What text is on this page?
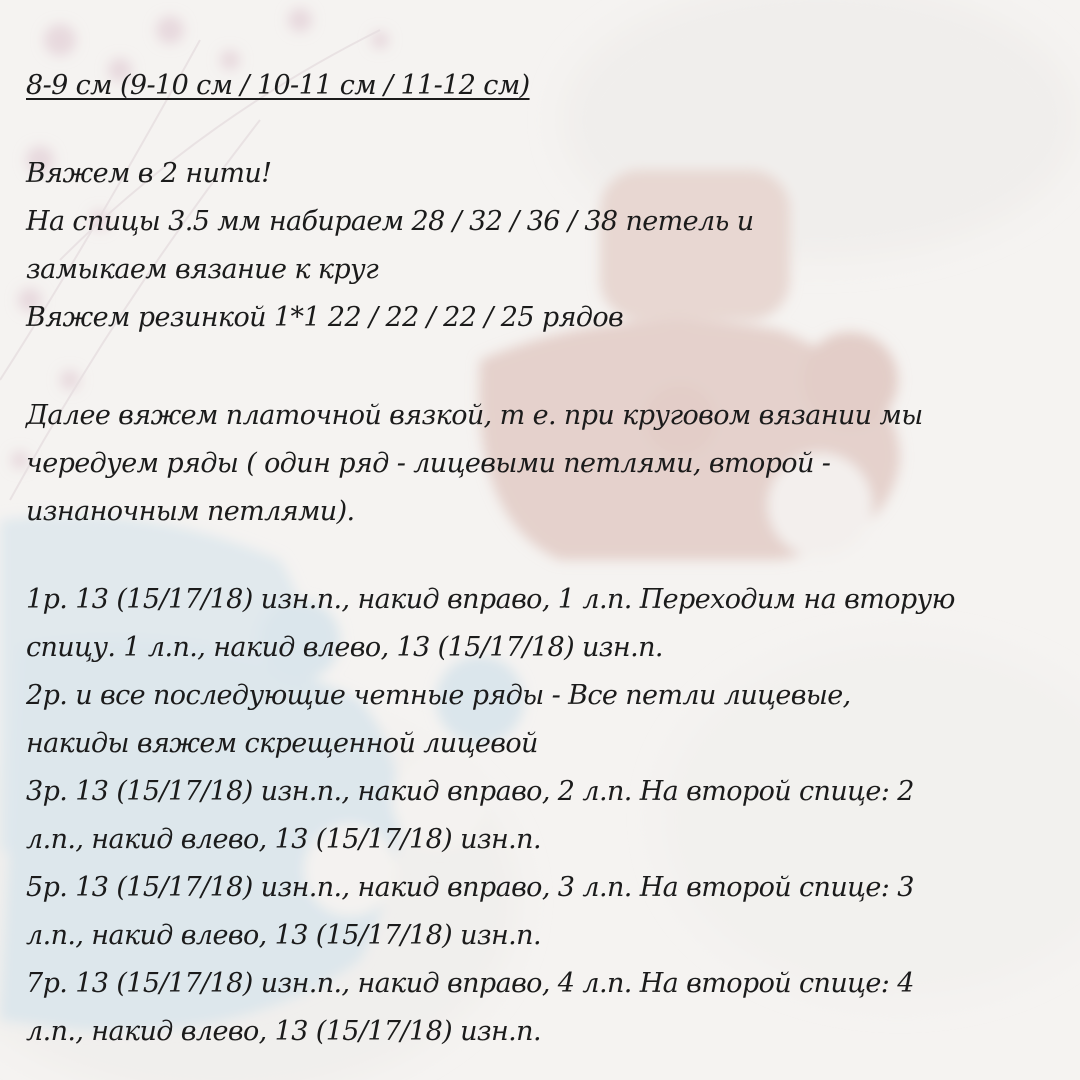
8-9 см (9-10 см / 10-11 см / 11-12 см)

Вяжем в 2 нити!

На спицы 3.5 мм набираем 28 / 32 / 36 / 38 петель и

замыкаем вязание к круг

Вяжем резинкой 1*1 22 / 22 / 22 / 25 рядов

Далее вяжем платочной вязкой, т е. при круговом вязании мы

чередуем ряды ( один ряд - лицевыми петлями, второй -

изнаночным петлями).

1р. 13 (15/17/18) изн.п., накид вправо, 1 л.п. Переходим на вторую

спицу. 1 л.п., накид влево, 13 (15/17/18) изн.п.

2р. и все последующие четные ряды - Все петли лицевые,

накиды вяжем скрещенной лицевой

3р. 13 (15/17/18) изн.п., накид вправо, 2 л.п. На второй спице: 2

л.п., накид влево, 13 (15/17/18) изн.п.

5р. 13 (15/17/18) изн.п., накид вправо, 3 л.п. На второй спице: 3

л.п., накид влево, 13 (15/17/18) изн.п.

7р. 13 (15/17/18) изн.п., накид вправо, 4 л.п. На второй спице: 4

л.п., накид влево, 13 (15/17/18) изн.п.
